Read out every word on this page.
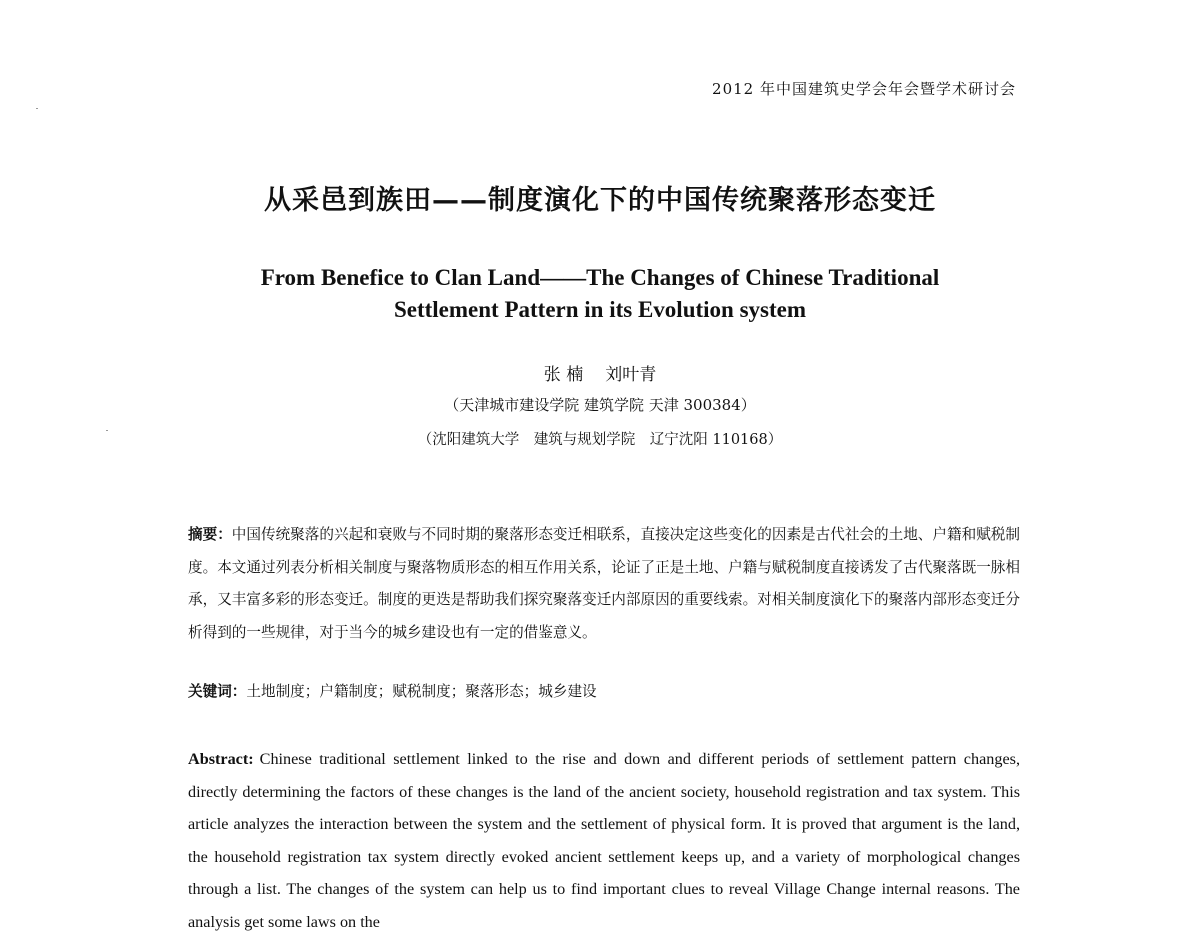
2012 年中国建筑史学会年会暨学术研讨会
从采邑到族田——制度演化下的中国传统聚落形态变迁
From Benefice to Clan Land——The Changes of Chinese Traditional
Settlement Pattern in its Evolution system
张 楠 刘叶青
（天津城市建设学院 建筑学院 天津 300384）
（沈阳建筑大学　建筑与规划学院　辽宁沈阳 110168）
摘要：中国传统聚落的兴起和衰败与不同时期的聚落形态变迁相联系，直接决定这些变化的因素是古代社会的土地、户籍和赋税制度。本文通过列表分析相关制度与聚落物质形态的相互作用关系，论证了正是土地、户籍与赋税制度直接诱发了古代聚落既一脉相承，又丰富多彩的形态变迁。制度的更迭是帮助我们探究聚落变迁内部原因的重要线索。对相关制度演化下的聚落内部形态变迁分析得到的一些规律，对于当今的城乡建设也有一定的借鉴意义。
关键词：土地制度；户籍制度；赋税制度；聚落形态；城乡建设
Abstract: Chinese traditional settlement linked to the rise and down and different periods of settlement pattern changes, directly determining the factors of these changes is the land of the ancient society, household registration and tax system. This article analyzes the interaction between the system and the settlement of physical form. It is proved that argument is the land, the household registration tax system directly evoked ancient settlement keeps up, and a variety of morphological changes through a list. The changes of the system can help us to find important clues to reveal Village Change internal reasons. The analysis get some laws on the
